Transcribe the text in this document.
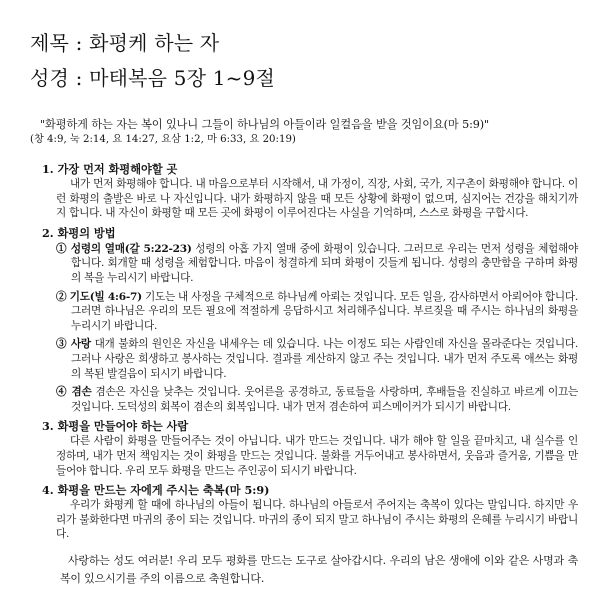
제목 : 화평케 하는 자
성경 : 마태복음 5장 1~9절
"화평하게 하는 자는 복이 있나니 그들이 하나님의 아들이라 일컬음을 받을 것임이요(마 5:9)"
(창 4:9, 눅 2:14, 요 14:27, 요삼 1:2, 마 6:33, 요 20:19)
1. 가장 먼저 화평해야할 곳
내가 먼저 화평해야 합니다. 내 마음으로부터 시작해서, 내 가정이, 직장, 사회, 국가, 지구촌이 화평해야 합니다. 이런 화평의 출발은 바로 나 자신입니다. 내가 화평하지 않을 때 모든 상황에 화평이 없으며, 심지어는 건강을 해치기까지 합니다. 내 자신이 화평할 때 모든 곳에 화평이 이루어진다는 사실을 기억하며, 스스로 화평을 구합시다.
2. 화평의 방법
① 성령의 열매(갈 5:22-23) 성령의 아홉 가지 열매 중에 화평이 있습니다. 그러므로 우리는 먼저 성령을 체험해야 합니다. 회개할 때 성령을 체험합니다. 마음이 청결하게 되며 화평이 깃들게 됩니다. 성령의 충만함을 구하며 화평의 복을 누리시기 바랍니다.
② 기도(빌 4:6-7) 기도는 내 사정을 구체적으로 하나님께 아뢰는 것입니다. 모든 일을, 감사하면서 아뢰어야 합니다. 그러면 하나님은 우리의 모든 필요에 적절하게 응답하시고 처리해주십니다. 부르짖을 때 주시는 하나님의 화평을 누리시기 바랍니다.
③ 사랑 대개 불화의 원인은 자신을 내세우는 데 있습니다. 나는 이정도 되는 사람인데 자신을 몰라준다는 것입니다. 그러나 사랑은 희생하고 봉사하는 것입니다. 결과를 계산하지 않고 주는 것입니다. 내가 먼저 주도록 애쓰는 화평의 복된 발걸음이 되시기 바랍니다.
④ 겸손 겸손은 자신을 낮추는 것입니다. 웃어른을 공경하고, 동료들을 사랑하며, 후배들을 진실하고 바르게 이끄는 것입니다. 도덕성의 회복이 겸손의 회복입니다. 내가 먼저 겸손하여 피스메이커가 되시기 바랍니다.
3. 화평을 만들어야 하는 사람
다른 사람이 화평을 만들어주는 것이 아닙니다. 내가 만드는 것입니다. 내가 해야 할 일을 끝마치고, 내 실수를 인정하며, 내가 먼저 책임지는 것이 화평을 만드는 것입니다. 불화를 거두어내고 봉사하면서, 웃음과 즐거움, 기쁨을 만들어야 합니다. 우리 모두 화평을 만드는 주인공이 되시기 바랍니다.
4. 화평을 만드는 자에게 주시는 축복(마 5:9)
우리가 화평케 할 때에 하나님의 아들이 됩니다. 하나님의 아들로서 주어지는 축복이 있다는 말입니다. 하지만 우리가 불화한다면 마귀의 종이 되는 것입니다. 마귀의 종이 되지 말고 하나님이 주시는 화평의 은혜를 누리시기 바랍니다.
사랑하는 성도 여러분! 우리 모두 평화를 만드는 도구로 살아갑시다. 우리의 남은 생애에 이와 같은 사명과 축복이 있으시기를 주의 이름으로 축원합니다.
